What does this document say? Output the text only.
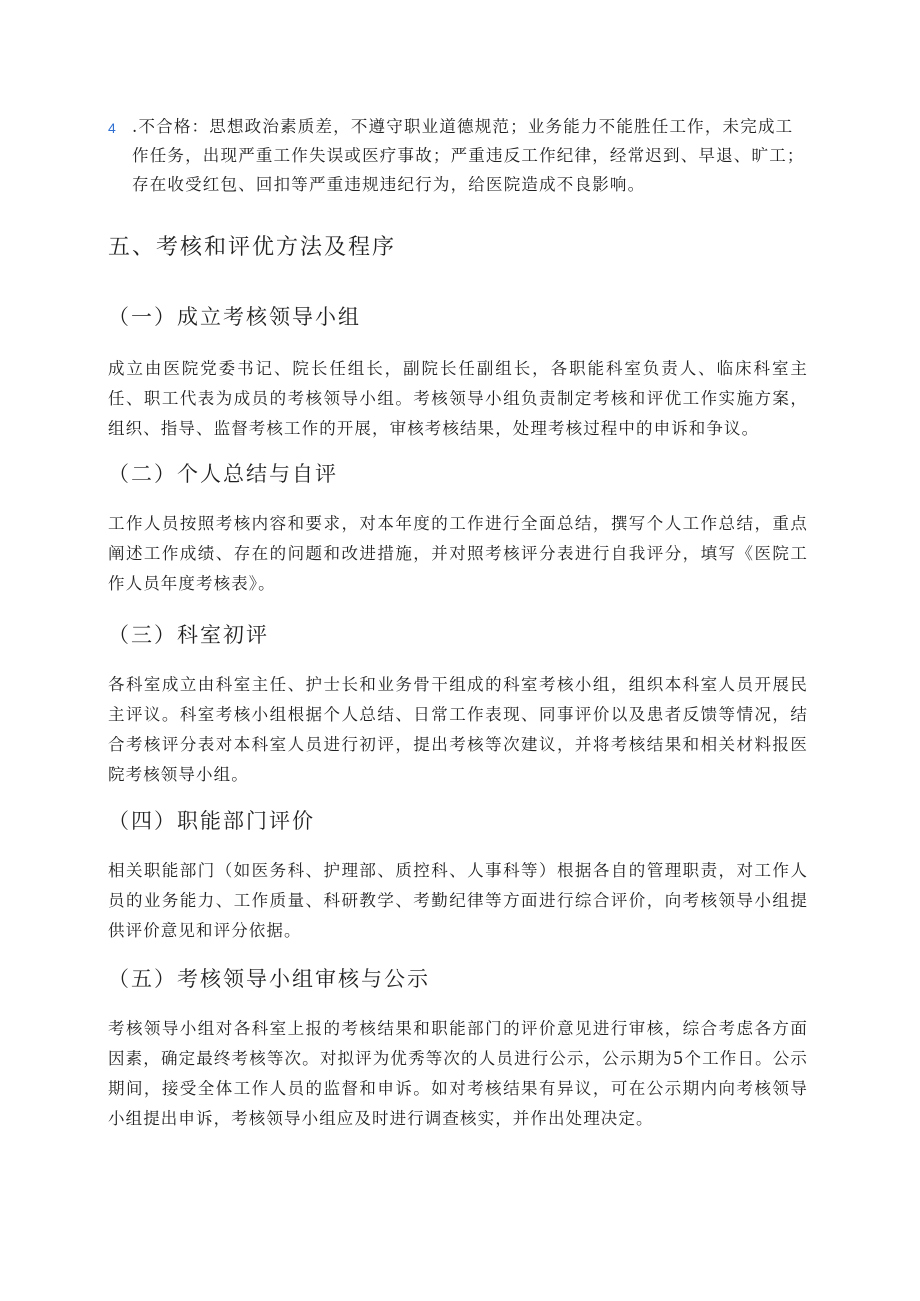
4 .不合格：思想政治素质差，不遵守职业道德规范；业务能力不能胜任工作，未完成工作任务，出现严重工作失误或医疗事故；严重违反工作纪律，经常迟到、早退、旷工；存在收受红包、回扣等严重违规违纪行为，给医院造成不良影响。
五、考核和评优方法及程序
（一）成立考核领导小组

成立由医院党委书记、院长任组长，副院长任副组长，各职能科室负责人、临床科室主任、职工代表为成员的考核领导小组。考核领导小组负责制定考核和评优工作实施方案，组织、指导、监督考核工作的开展，审核考核结果，处理考核过程中的申诉和争议。

（二）个人总结与自评

工作人员按照考核内容和要求，对本年度的工作进行全面总结，撰写个人工作总结，重点阐述工作成绩、存在的问题和改进措施，并对照考核评分表进行自我评分，填写《医院工作人员年度考核表》。

（三）科室初评

各科室成立由科室主任、护士长和业务骨干组成的科室考核小组，组织本科室人员开展民主评议。科室考核小组根据个人总结、日常工作表现、同事评价以及患者反馈等情况，结合考核评分表对本科室人员进行初评，提出考核等次建议，并将考核结果和相关材料报医院考核领导小组。

（四）职能部门评价

相关职能部门（如医务科、护理部、质控科、人事科等）根据各自的管理职责，对工作人员的业务能力、工作质量、科研教学、考勤纪律等方面进行综合评价，向考核领导小组提供评价意见和评分依据。

（五）考核领导小组审核与公示

考核领导小组对各科室上报的考核结果和职能部门的评价意见进行审核，综合考虑各方面因素，确定最终考核等次。对拟评为优秀等次的人员进行公示，公示期为5个工作日。公示期间，接受全体工作人员的监督和申诉。如对考核结果有异议，可在公示期内向考核领导小组提出申诉，考核领导小组应及时进行调查核实，并作出处理决定。
